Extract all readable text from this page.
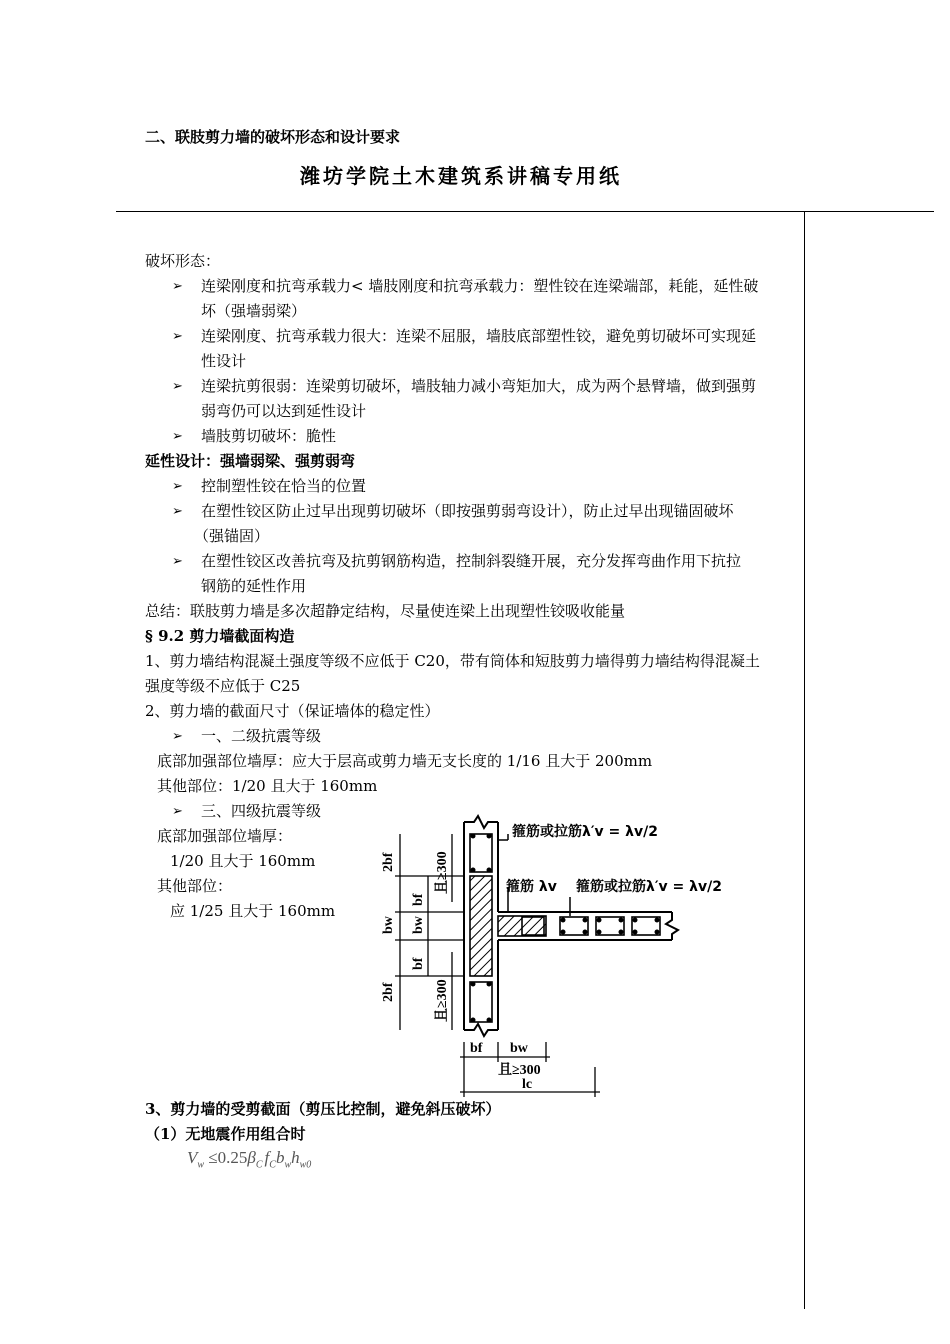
二、联肢剪力墙的破坏形态和设计要求
潍坊学院土木建筑系讲稿专用纸
破坏形态：
➢ 连梁刚度和抗弯承载力< 墙肢刚度和抗弯承载力：塑性铰在连梁端部，耗能，延性破
坏（强墙弱梁）
➢ 连梁刚度、抗弯承载力很大：连梁不屈服，墙肢底部塑性铰，避免剪切破坏可实现延
性设计
➢ 连梁抗剪很弱：连梁剪切破坏，墙肢轴力减小弯矩加大，成为两个悬臂墙，做到强剪
弱弯仍可以达到延性设计
➢ 墙肢剪切破坏：脆性
延性设计：强墙弱梁、强剪弱弯
➢ 控制塑性铰在恰当的位置
➢ 在塑性铰区防止过早出现剪切破坏（即按强剪弱弯设计），防止过早出现锚固破坏
（强锚固）
➢ 在塑性铰区改善抗弯及抗剪钢筋构造，控制斜裂缝开展，充分发挥弯曲作用下抗拉
钢筋的延性作用
总结：联肢剪力墙是多次超静定结构，尽量使连梁上出现塑性铰吸收能量
§ 9.2 剪力墙截面构造
1、剪力墙结构混凝土强度等级不应低于 C20，带有筒体和短肢剪力墙得剪力墙结构得混凝土
强度等级不应低于 C25
2、剪力墙的截面尺寸（保证墙体的稳定性）
➢ 一、二级抗震等级
底部加强部位墙厚：应大于层高或剪力墙无支长度的 1/16 且大于 200mm
其他部位：1/20 且大于 160mm
➢ 三、四级抗震等级
底部加强部位墙厚：
1/20 且大于 160mm
其他部位：
应 1/25 且大于 160mm
2bf
bf
且≥300
bw bw
2bf
bf
且≥300
bf bw
且≥300
lc
箍筋或拉筋λ′v = λv/2
箍筋 λv 箍筋或拉筋λ′v = λv/2
3、剪力墙的受剪截面（剪压比控制，避免斜压破坏）
（1）无地震作用组合时
$V_w \le 0.25\beta_C$ $f_Cb_wh_{w0}$
